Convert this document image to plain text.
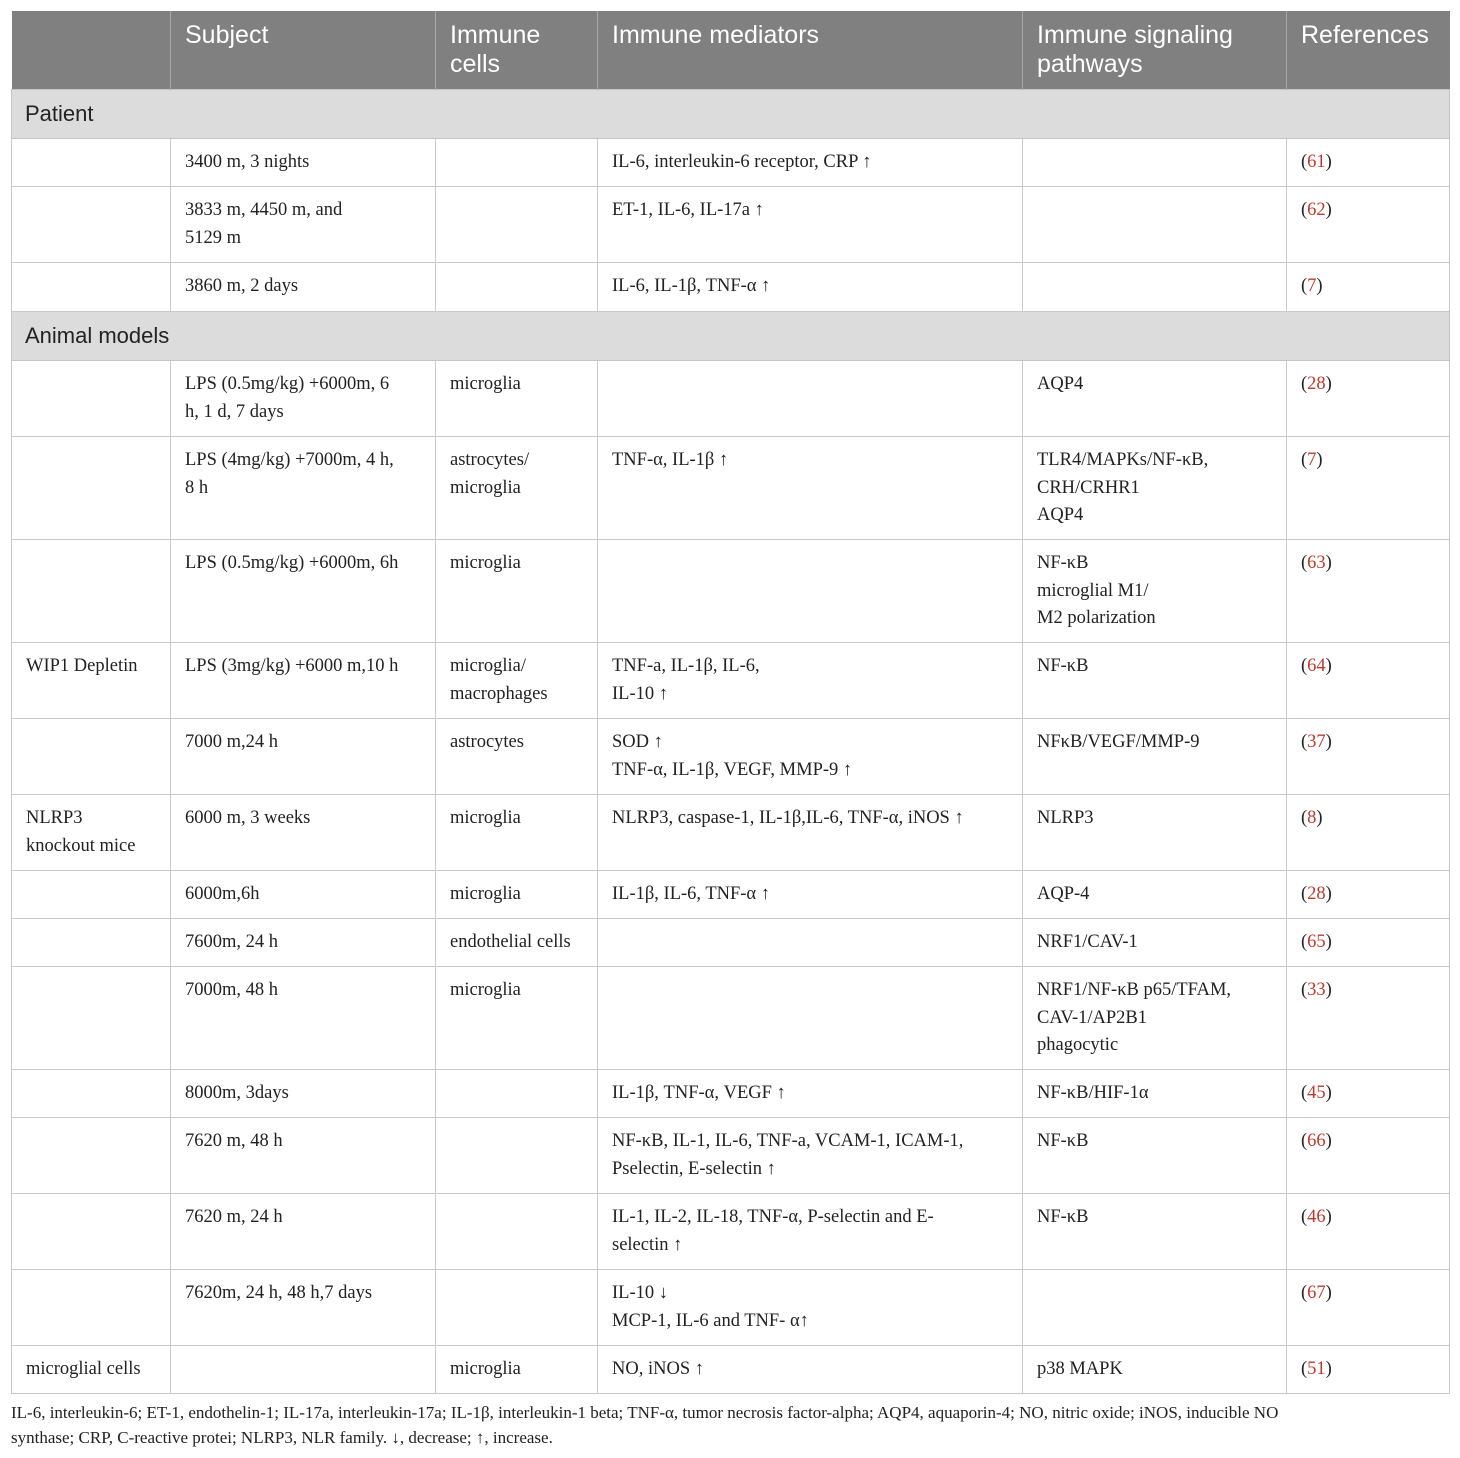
	Subject	Immune cells	Immune mediators	Immune signaling pathways	References
Patient					

	3400 m, 3 nights		IL-6, interleukin-6 receptor, CRP ↑		(61)

	3833 m, 4450 m, and
5129 m		ET-1, IL-6, IL-17a ↑		(62)

	3860 m, 2 days		IL-6, IL-1β, TNF-α ↑		(7)
Animal models					

	LPS (0.5mg/kg) +6000m, 6
h, 1 d, 7 days	microglia		AQP4	(28)

	LPS (4mg/kg) +7000m, 4 h,
8 h	astrocytes/
microglia	TNF-α, IL-1β ↑	TLR4/MAPKs/NF-κB,
CRH/CRHR1
AQP4	(7)

	LPS (0.5mg/kg) +6000m, 6h	microglia		NF-κB
microglial M1/
M2 polarization	(63)

WIP1 Depletin	LPS (3mg/kg) +6000 m,10 h	microglia/
macrophages	TNF-a, IL-1β, IL-6,
IL-10 ↑	NF-κB	(64)

	7000 m,24 h	astrocytes	SOD ↑
TNF-α, IL-1β, VEGF, MMP-9 ↑	NFκB/VEGF/MMP-9	(37)

NLRP3
knockout mice	6000 m, 3 weeks	microglia	NLRP3, caspase-1, IL-1β,IL-6, TNF-α, iNOS ↑	NLRP3	(8)

	6000m,6h	microglia	IL-1β, IL-6, TNF-α ↑	AQP-4	(28)

	7600m, 24 h	endothelial cells		NRF1/CAV-1	(65)

	7000m, 48 h	microglia		NRF1/NF-κB p65/TFAM,
CAV-1/AP2B1
phagocytic	(33)

	8000m, 3days		IL-1β, TNF-α, VEGF ↑	NF-κB/HIF-1α	(45)

	7620 m, 48 h		NF-κB, IL-1, IL-6, TNF-a, VCAM-1, ICAM-1,
Pselectin, E-selectin ↑	NF-κB	(66)

	7620 m, 24 h		IL-1, IL-2, IL-18, TNF-α, P-selectin and E-
selectin ↑	NF-κB	(46)

	7620m, 24 h, 48 h,7 days		IL-10 ↓
MCP-1, IL-6 and TNF- α↑		(67)

microglial cells		microglia	NO, iNOS ↑	p38 MAPK	(51)
IL-6, interleukin-6; ET-1, endothelin-1; IL-17a, interleukin-17a; IL-1β, interleukin-1 beta; TNF-α, tumor necrosis factor-alpha; AQP4, aquaporin-4; NO, nitric oxide; iNOS, inducible NO
synthase; CRP, C-reactive protei; NLRP3, NLR family. ↓, decrease; ↑, increase.
